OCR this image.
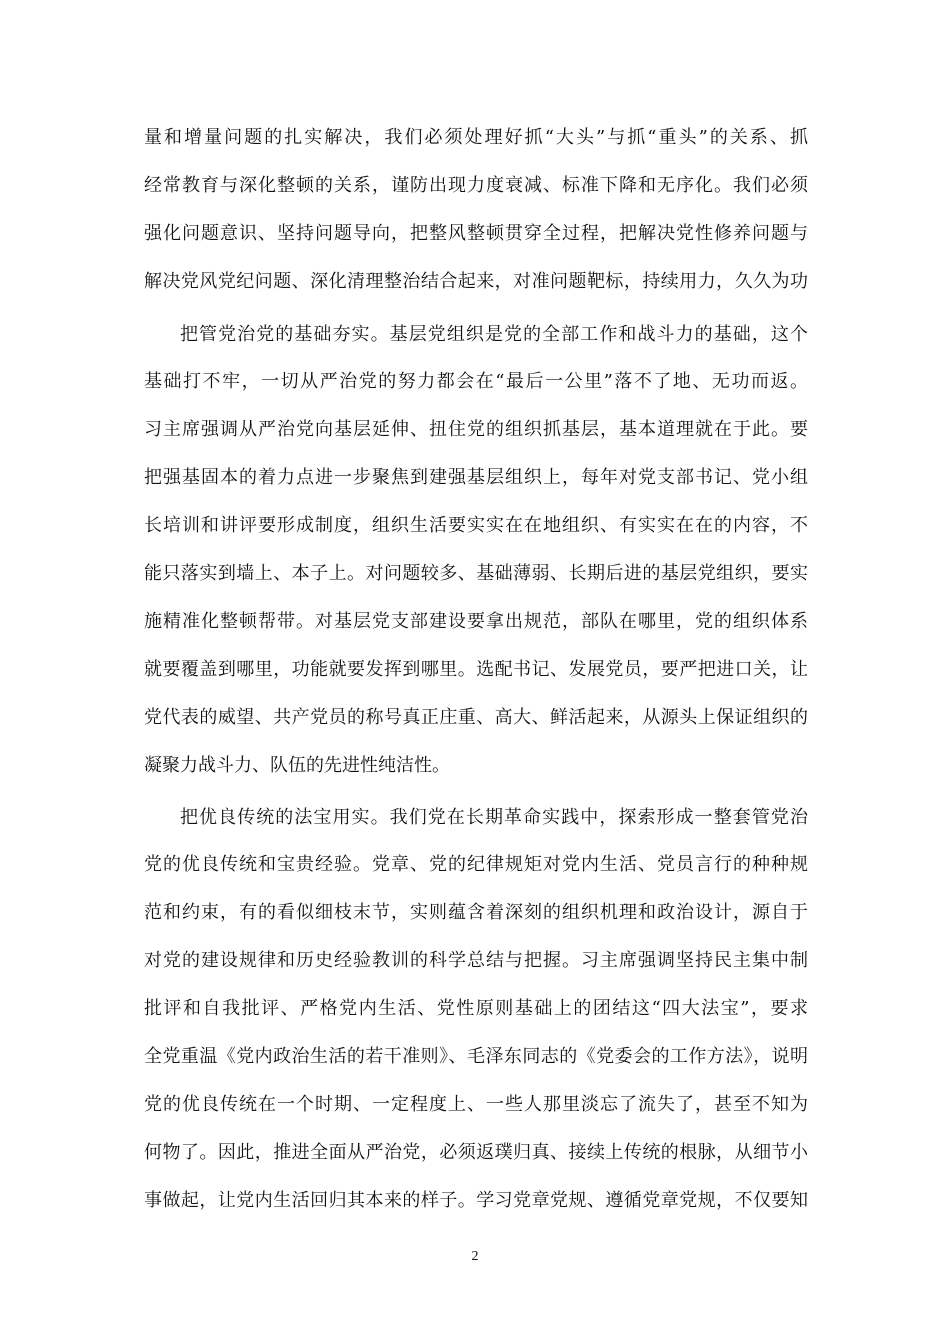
量和增量问题的扎实解决，我们必须处理好抓“大头”与抓“重头”的关系、抓
经常教育与深化整顿的关系，谨防出现力度衰减、标准下降和无序化。我们必须
强化问题意识、坚持问题导向，把整风整顿贯穿全过程，把解决党性修养问题与
解决党风党纪问题、深化清理整治结合起来，对准问题靶标，持续用力，久久为功
把管党治党的基础夯实。基层党组织是党的全部工作和战斗力的基础，这个
基础打不牢，一切从严治党的努力都会在“最后一公里”落不了地、无功而返。
习主席强调从严治党向基层延伸、扭住党的组织抓基层，基本道理就在于此。要
把强基固本的着力点进一步聚焦到建强基层组织上，每年对党支部书记、党小组
长培训和讲评要形成制度，组织生活要实实在在地组织、有实实在在的内容，不
能只落实到墙上、本子上。对问题较多、基础薄弱、长期后进的基层党组织，要实
施精准化整顿帮带。对基层党支部建设要拿出规范，部队在哪里，党的组织体系
就要覆盖到哪里，功能就要发挥到哪里。选配书记、发展党员，要严把进口关，让
党代表的威望、共产党员的称号真正庄重、高大、鲜活起来，从源头上保证组织的
凝聚力战斗力、队伍的先进性纯洁性。
把优良传统的法宝用实。我们党在长期革命实践中，探索形成一整套管党治
党的优良传统和宝贵经验。党章、党的纪律规矩对党内生活、党员言行的种种规
范和约束，有的看似细枝末节，实则蕴含着深刻的组织机理和政治设计，源自于
对党的建设规律和历史经验教训的科学总结与把握。习主席强调坚持民主集中制
批评和自我批评、严格党内生活、党性原则基础上的团结这“四大法宝”，要求
全党重温《党内政治生活的若干准则》、毛泽东同志的《党委会的工作方法》，说明
党的优良传统在一个时期、一定程度上、一些人那里淡忘了流失了，甚至不知为
何物了。因此，推进全面从严治党，必须返璞归真、接续上传统的根脉，从细节小
事做起，让党内生活回归其本来的样子。学习党章党规、遵循党章党规，不仅要知
2
